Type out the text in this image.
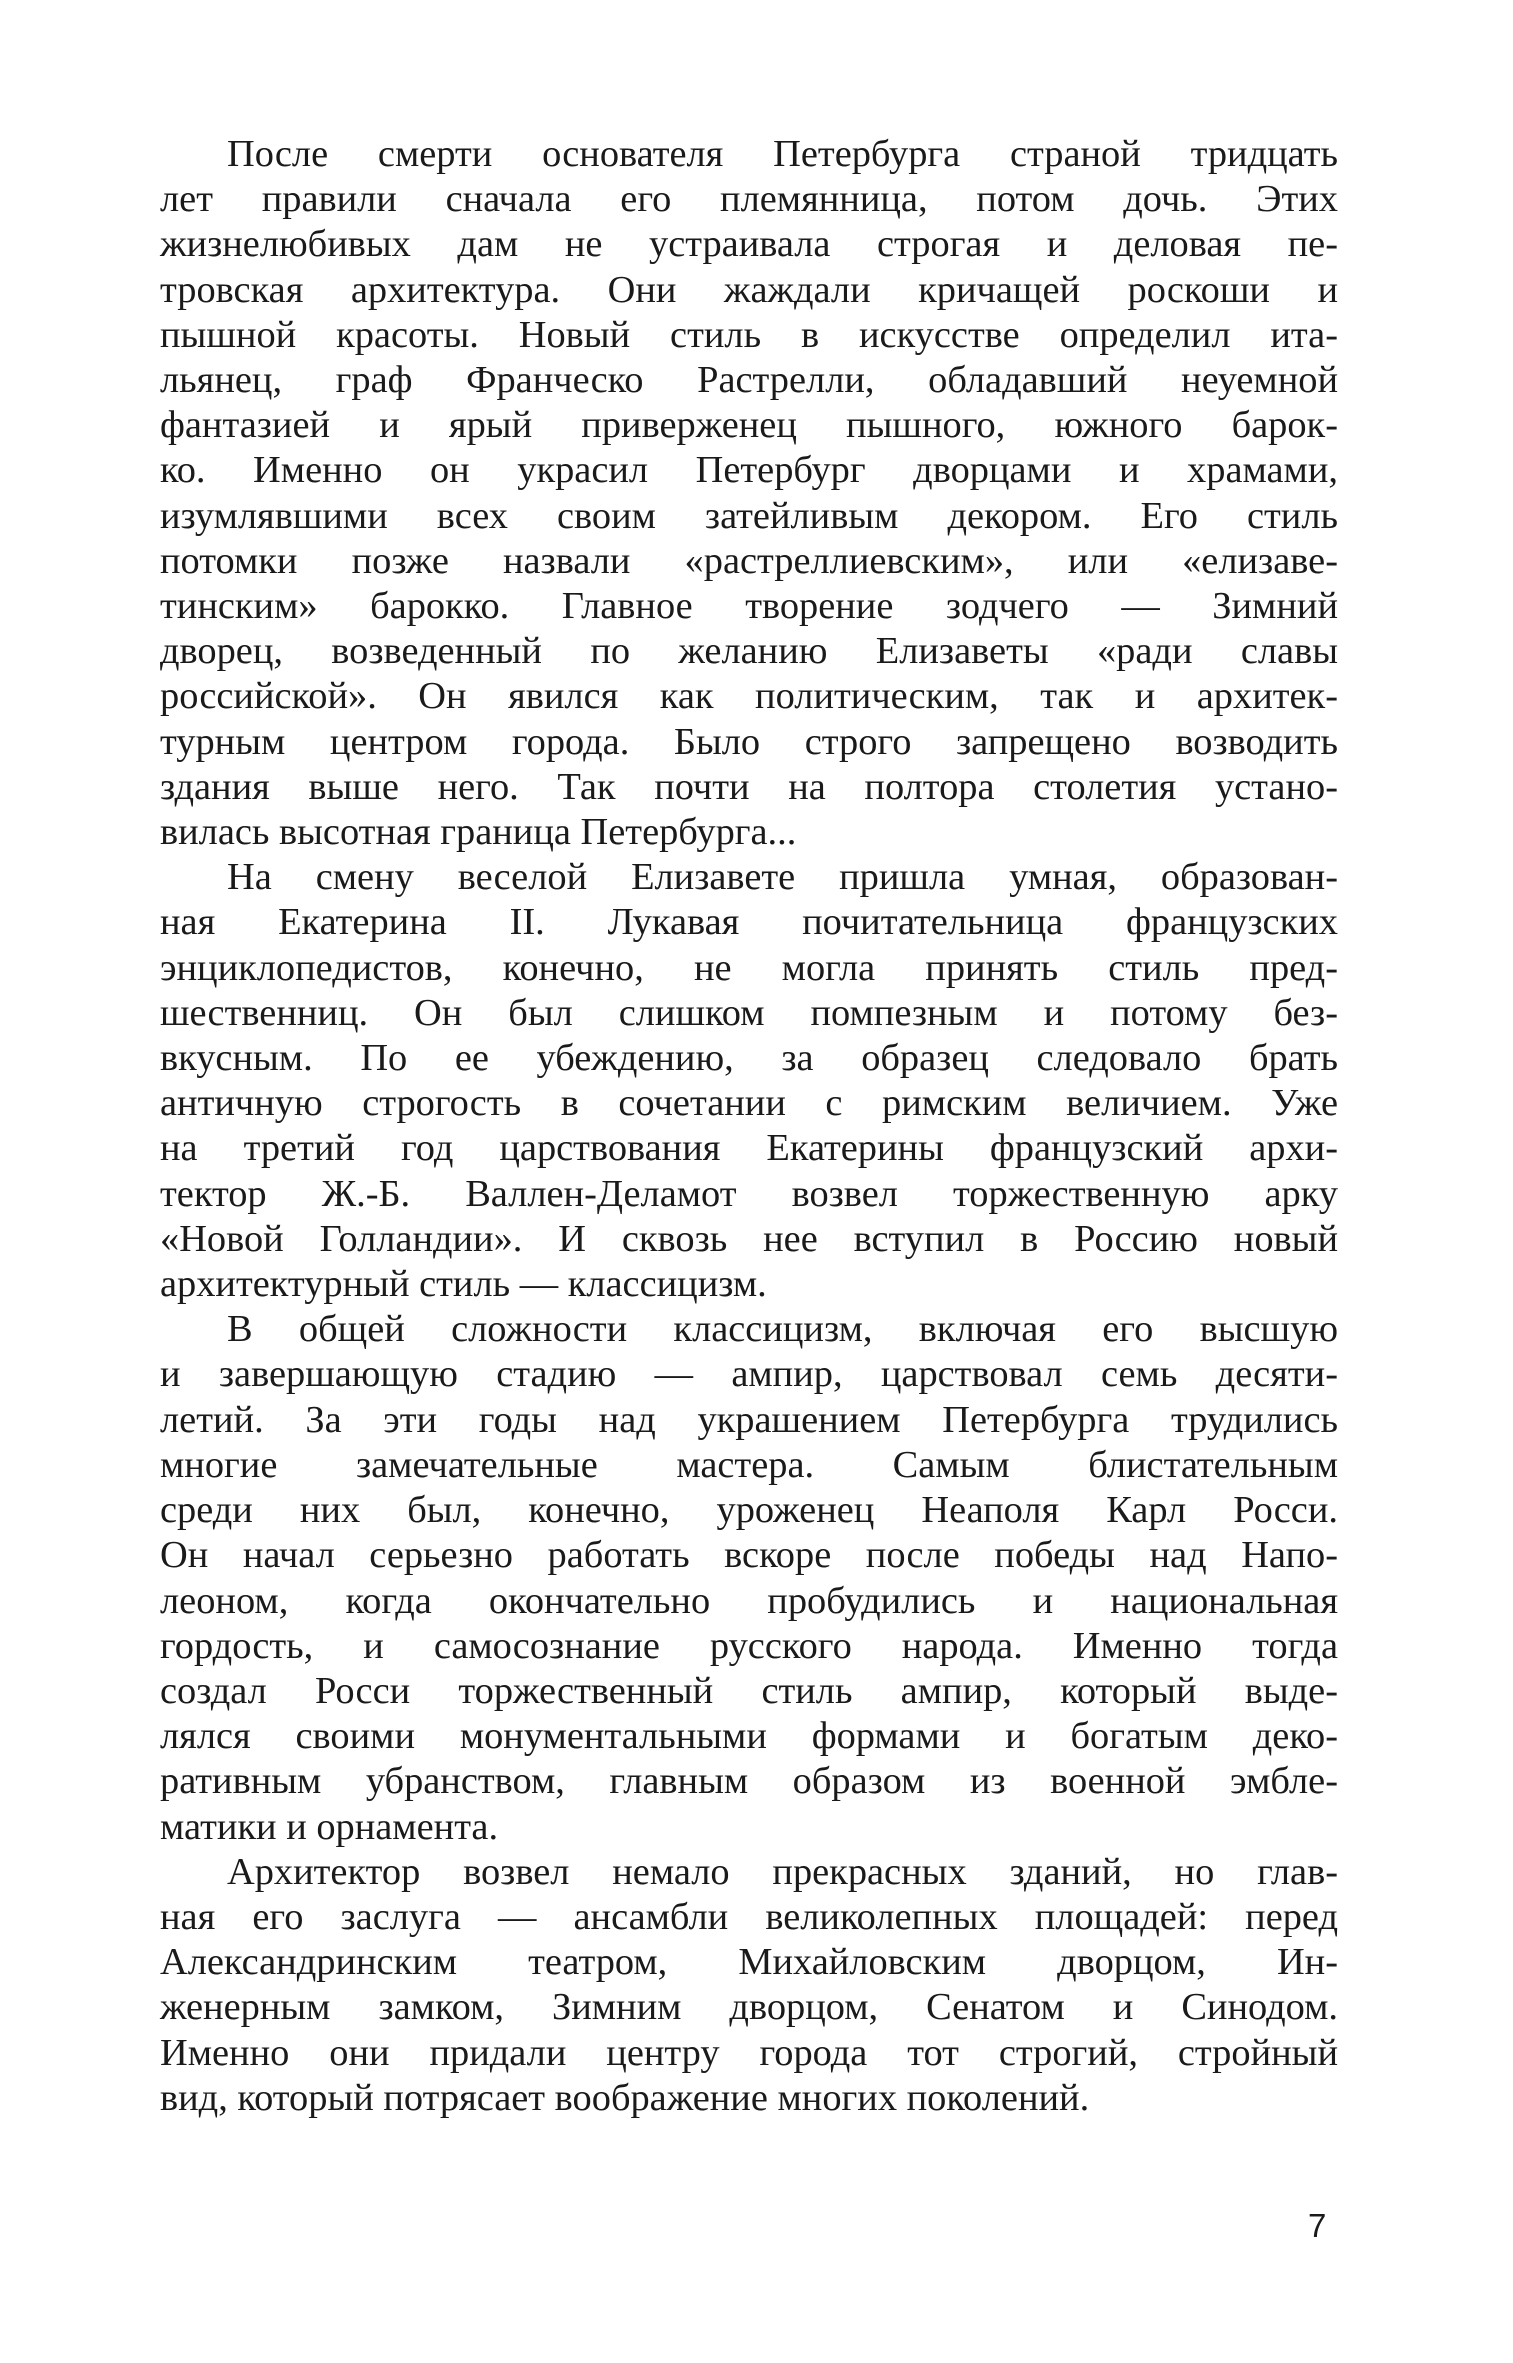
После смерти основателя Петербурга страной тридцать
лет правили сначала его племянница, потом дочь. Этих
жизнелюбивых дам не устраивала строгая и деловая пе-
тровская архитектура. Они жаждали кричащей роскоши и
пышной красоты. Новый стиль в искусстве определил ита-
льянец, граф Франческо Растрелли, обладавший неуемной
фантазией и ярый приверженец пышного, южного барок-
ко. Именно он украсил Петербург дворцами и храмами,
изумлявшими всех своим затейливым декором. Его стиль
потомки позже назвали «растреллиевским», или «елизаве-
тинским» барокко. Главное творение зодчего — Зимний
дворец, возведенный по желанию Елизаветы «ради славы
российской». Он явился как политическим, так и архитек-
турным центром города. Было строго запрещено возводить
здания выше него. Так почти на полтора столетия устано-
вилась высотная граница Петербурга...

На смену веселой Елизавете пришла умная, образован-
ная Екатерина II. Лукавая почитательница французских
энциклопедистов, конечно, не могла принять стиль пред-
шественниц. Он был слишком помпезным и потому без-
вкусным. По ее убеждению, за образец следовало брать
античную строгость в сочетании с римским величием. Уже
на третий год царствования Екатерины французский архи-
тектор Ж.-Б. Валлен-Деламот возвел торжественную арку
«Новой Голландии». И сквозь нее вступил в Россию новый
архитектурный стиль — классицизм.

В общей сложности классицизм, включая его высшую
и завершающую стадию — ампир, царствовал семь десяти-
летий. За эти годы над украшением Петербурга трудились
многие замечательные мастера. Самым блистательным
среди них был, конечно, уроженец Неаполя Карл Росси.
Он начал серьезно работать вскоре после победы над Напо-
леоном, когда окончательно пробудились и национальная
гордость, и самосознание русского народа. Именно тогда
создал Росси торжественный стиль ампир, который выде-
лялся своими монументальными формами и богатым деко-
ративным убранством, главным образом из военной эмбле-
матики и орнамента.

Архитектор возвел немало прекрасных зданий, но глав-
ная его заслуга — ансамбли великолепных площадей: перед
Александринским театром, Михайловским дворцом, Ин-
женерным замком, Зимним дворцом, Сенатом и Синодом.
Именно они придали центру города тот строгий, стройный
вид, который потрясает воображение многих поколений.

7
